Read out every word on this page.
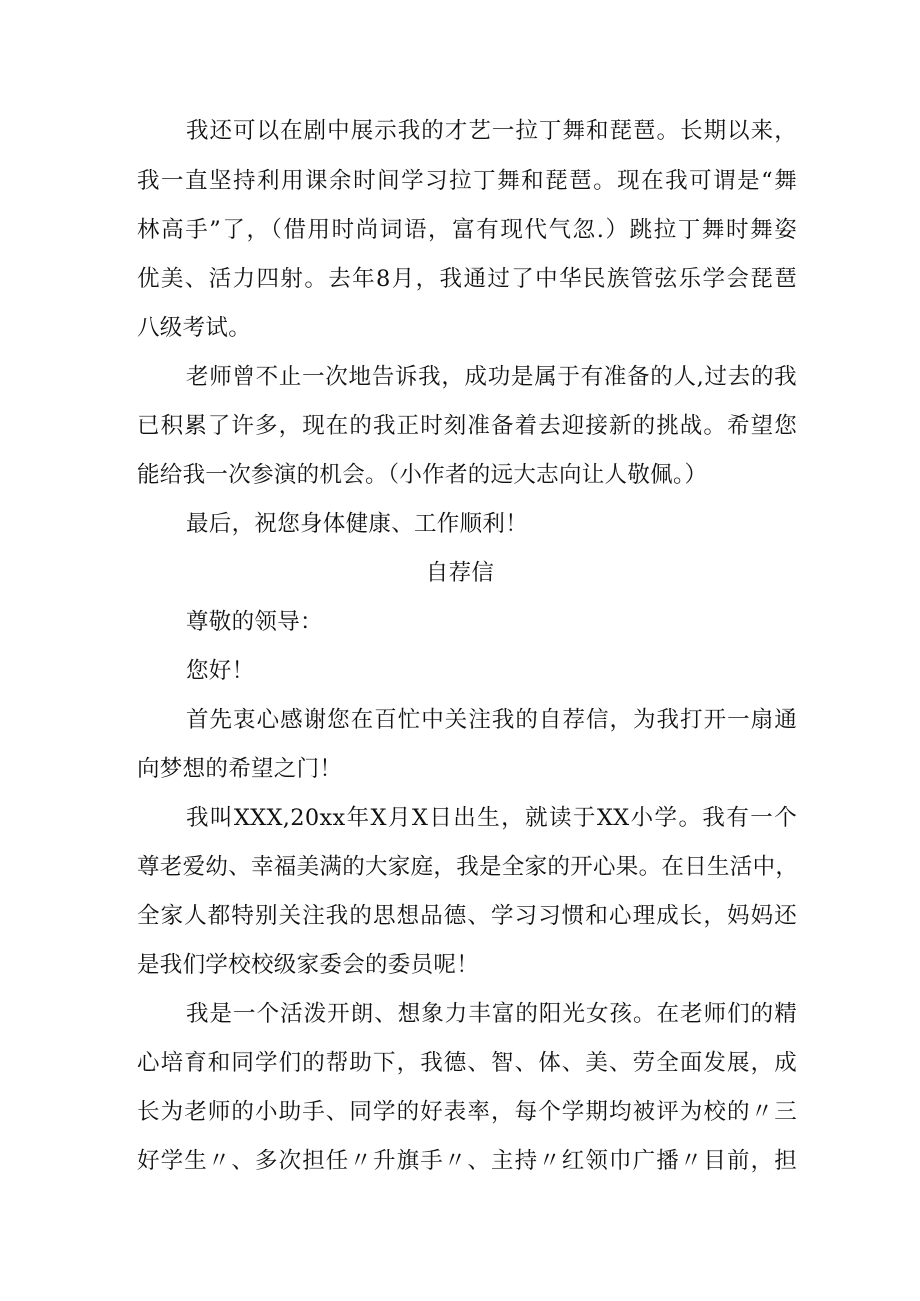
我还可以在剧中展示我的才艺一拉丁舞和琵琶。长期以来，
我一直坚持利用课余时间学习拉丁舞和琵琶。现在我可谓是“舞
林高手”了，（借用时尚词语，富有现代气忽.）跳拉丁舞时舞姿
优美、活力四射。去年8月，我通过了中华民族管弦乐学会琵琶
八级考试。
老师曾不止一次地告诉我，成功是属于有准备的人,过去的我
已积累了许多，现在的我正时刻准备着去迎接新的挑战。希望您
能给我一次参演的机会。（小作者的远大志向让人敬佩。）
最后，祝您身体健康、工作顺利！
自荐信
尊敬的领导：
您好！
首先衷心感谢您在百忙中关注我的自荐信，为我打开一扇通
向梦想的希望之门！
我叫XXX,20xx年X月X日出生，就读于XX小学。我有一个
尊老爱幼、幸福美满的大家庭，我是全家的开心果。在日生活中，
全家人都特别关注我的思想品德、学习习惯和心理成长，妈妈还
是我们学校校级家委会的委员呢！
我是一个活泼开朗、想象力丰富的阳光女孩。在老师们的精
心培育和同学们的帮助下，我德、智、体、美、劳全面发展，成
长为老师的小助手、同学的好表率，每个学期均被评为校的〃三
好学生〃、多次担任〃升旗手〃、主持〃红领巾广播〃目前，担
